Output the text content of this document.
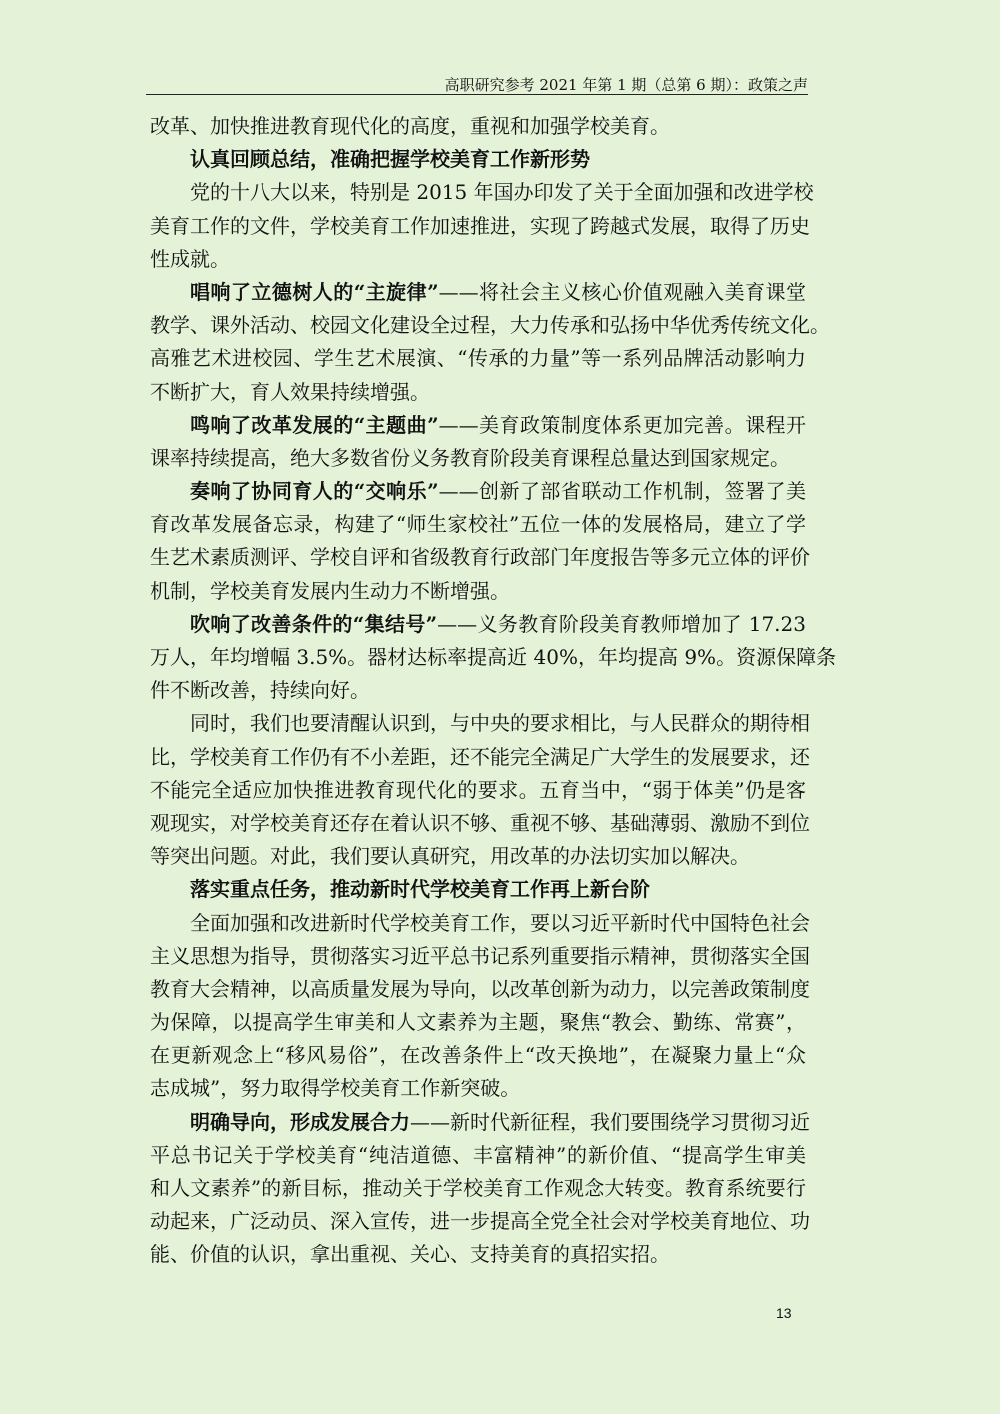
高职研究参考 2021 年第 1 期（总第 6 期）：政策之声
改革、加快推进教育现代化的高度，重视和加强学校美育。
认真回顾总结，准确把握学校美育工作新形势
党的十八大以来，特别是 2015 年国办印发了关于全面加强和改进学校
美育工作的文件，学校美育工作加速推进，实现了跨越式发展，取得了历史
性成就。
唱响了立德树人的“主旋律”——将社会主义核心价值观融入美育课堂
教学、课外活动、校园文化建设全过程，大力传承和弘扬中华优秀传统文化。
高雅艺术进校园、学生艺术展演、“传承的力量”等一系列品牌活动影响力
不断扩大，育人效果持续增强。
鸣响了改革发展的“主题曲”——美育政策制度体系更加完善。课程开
课率持续提高，绝大多数省份义务教育阶段美育课程总量达到国家规定。
奏响了协同育人的“交响乐”——创新了部省联动工作机制，签署了美
育改革发展备忘录，构建了“师生家校社”五位一体的发展格局，建立了学
生艺术素质测评、学校自评和省级教育行政部门年度报告等多元立体的评价
机制，学校美育发展内生动力不断增强。
吹响了改善条件的“集结号”——义务教育阶段美育教师增加了 17.23
万人，年均增幅 3.5%。器材达标率提高近 40%，年均提高 9%。资源保障条
件不断改善，持续向好。
同时，我们也要清醒认识到，与中央的要求相比，与人民群众的期待相
比，学校美育工作仍有不小差距，还不能完全满足广大学生的发展要求，还
不能完全适应加快推进教育现代化的要求。五育当中，“弱于体美”仍是客
观现实，对学校美育还存在着认识不够、重视不够、基础薄弱、激励不到位
等突出问题。对此，我们要认真研究，用改革的办法切实加以解决。
落实重点任务，推动新时代学校美育工作再上新台阶
全面加强和改进新时代学校美育工作，要以习近平新时代中国特色社会
主义思想为指导，贯彻落实习近平总书记系列重要指示精神，贯彻落实全国
教育大会精神，以高质量发展为导向，以改革创新为动力，以完善政策制度
为保障，以提高学生审美和人文素养为主题，聚焦“教会、勤练、常赛”，
在更新观念上“移风易俗”，在改善条件上“改天换地”，在凝聚力量上“众
志成城”，努力取得学校美育工作新突破。
明确导向，形成发展合力——新时代新征程，我们要围绕学习贯彻习近
平总书记关于学校美育“纯洁道德、丰富精神”的新价值、“提高学生审美
和人文素养”的新目标，推动关于学校美育工作观念大转变。教育系统要行
动起来，广泛动员、深入宣传，进一步提高全党全社会对学校美育地位、功
能、价值的认识，拿出重视、关心、支持美育的真招实招。
13
